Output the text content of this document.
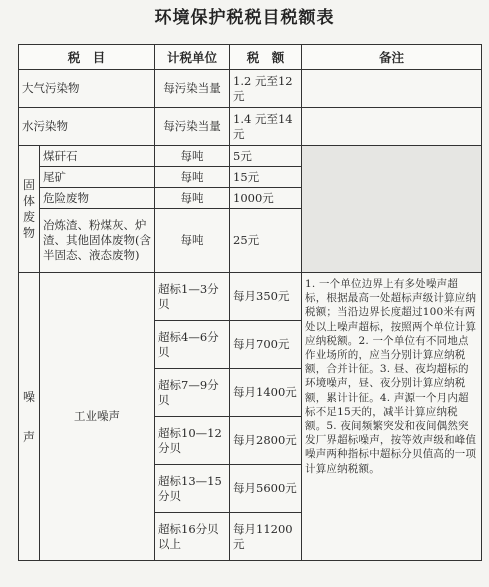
环境保护税税目税额表
税　目		计税单位	税　额	备注
大气污染物		每污染当量	1.2 元至12元	
水污染物		每污染当量	1.4 元至14元	

固体废物	煤矸石	每吨	5元	
	尾矿	每吨	15元	
	危险废物	每吨	1000元	
	冶炼渣、粉煤灰、炉渣、其他固体废物(含半固态、液态废物)	每吨	25元	

噪声	工业噪声	超标1—3分贝	每月350元	1. 一个单位边界上有多处噪声超标，根据最高一处超标声级计算应纳税额；当沿边界长度超过100米有两处以上噪声超标，按照两个单位计算应纳税额。2. 一个单位有不同地点作业场所的，应当分别计算应纳税额，合并计征。3. 昼、夜均超标的环境噪声，昼、夜分别计算应纳税额，累计计征。4. 声源一个月内超标不足15天的，减半计算应纳税额。5. 夜间频繁突发和夜间偶然突发厂界超标噪声，按等效声级和峰值噪声两种指标中超标分贝值高的一项计算应纳税额。
		超标4—6分贝	每月700元	
		超标7—9分贝	每月1400元	
		超标10—12分贝	每月2800元	
		超标13—15分贝	每月5600元	
		超标16分贝以上	每月11200元	
